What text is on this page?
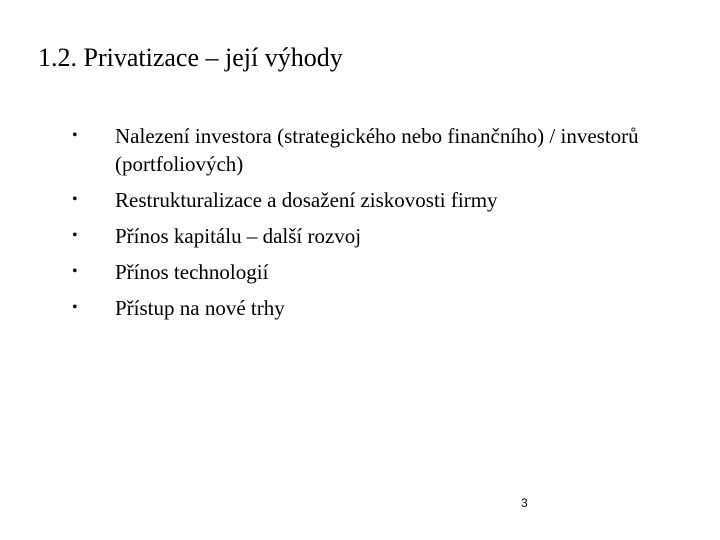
1.2. Privatizace – její výhody
• Nalezení investora (strategického nebo finančního) / investorů
(portfoliových)
• Restrukturalizace a dosažení ziskovosti firmy
• Přínos kapitálu – další rozvoj
• Přínos technologií
• Přístup na nové trhy
3
